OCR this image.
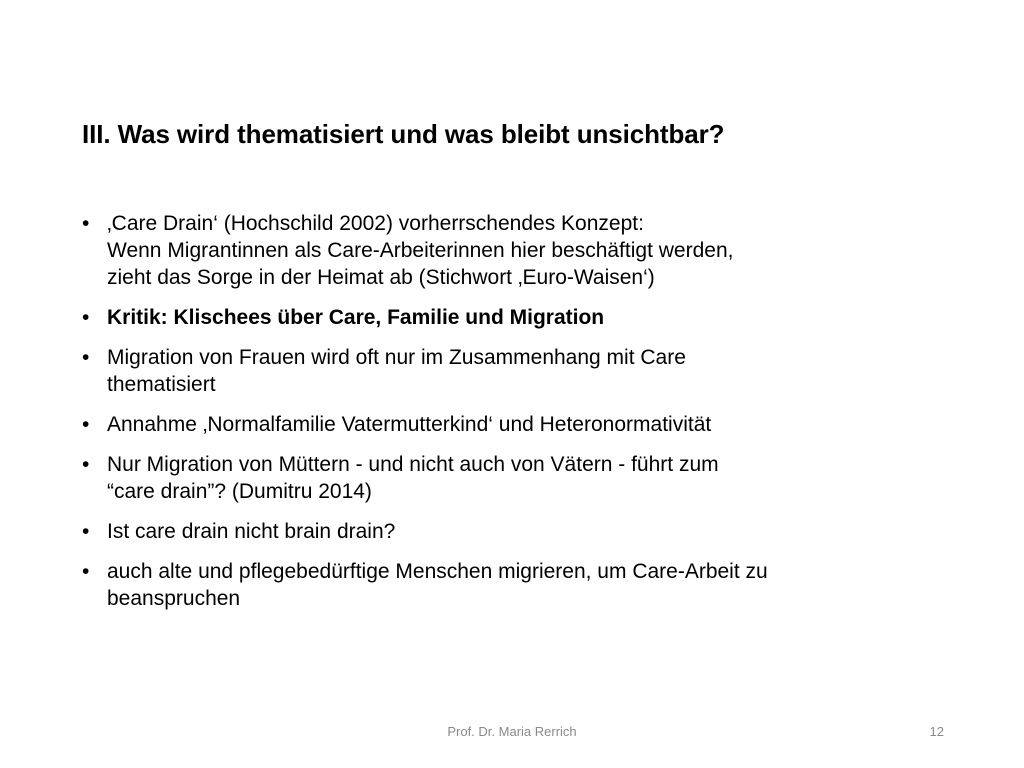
III. Was wird thematisiert und was bleibt unsichtbar?
• ‚Care Drain‘ (Hochschild 2002) vorherrschendes Konzept:
Wenn Migrantinnen als Care-Arbeiterinnen hier beschäftigt werden,
zieht das Sorge in der Heimat ab (Stichwort ‚Euro-Waisen‘)
• Kritik: Klischees über Care, Familie und Migration
• Migration von Frauen wird oft nur im Zusammenhang mit Care
thematisiert
• Annahme ‚Normalfamilie Vatermutterkind‘ und Heteronormativität
• Nur Migration von Müttern - und nicht auch von Vätern - führt zum
“care drain”? (Dumitru 2014)
• Ist care drain nicht brain drain?
• auch alte und pflegebedürftige Menschen migrieren, um Care-Arbeit zu
beanspruchen
Prof. Dr. Maria Rerrich	12
